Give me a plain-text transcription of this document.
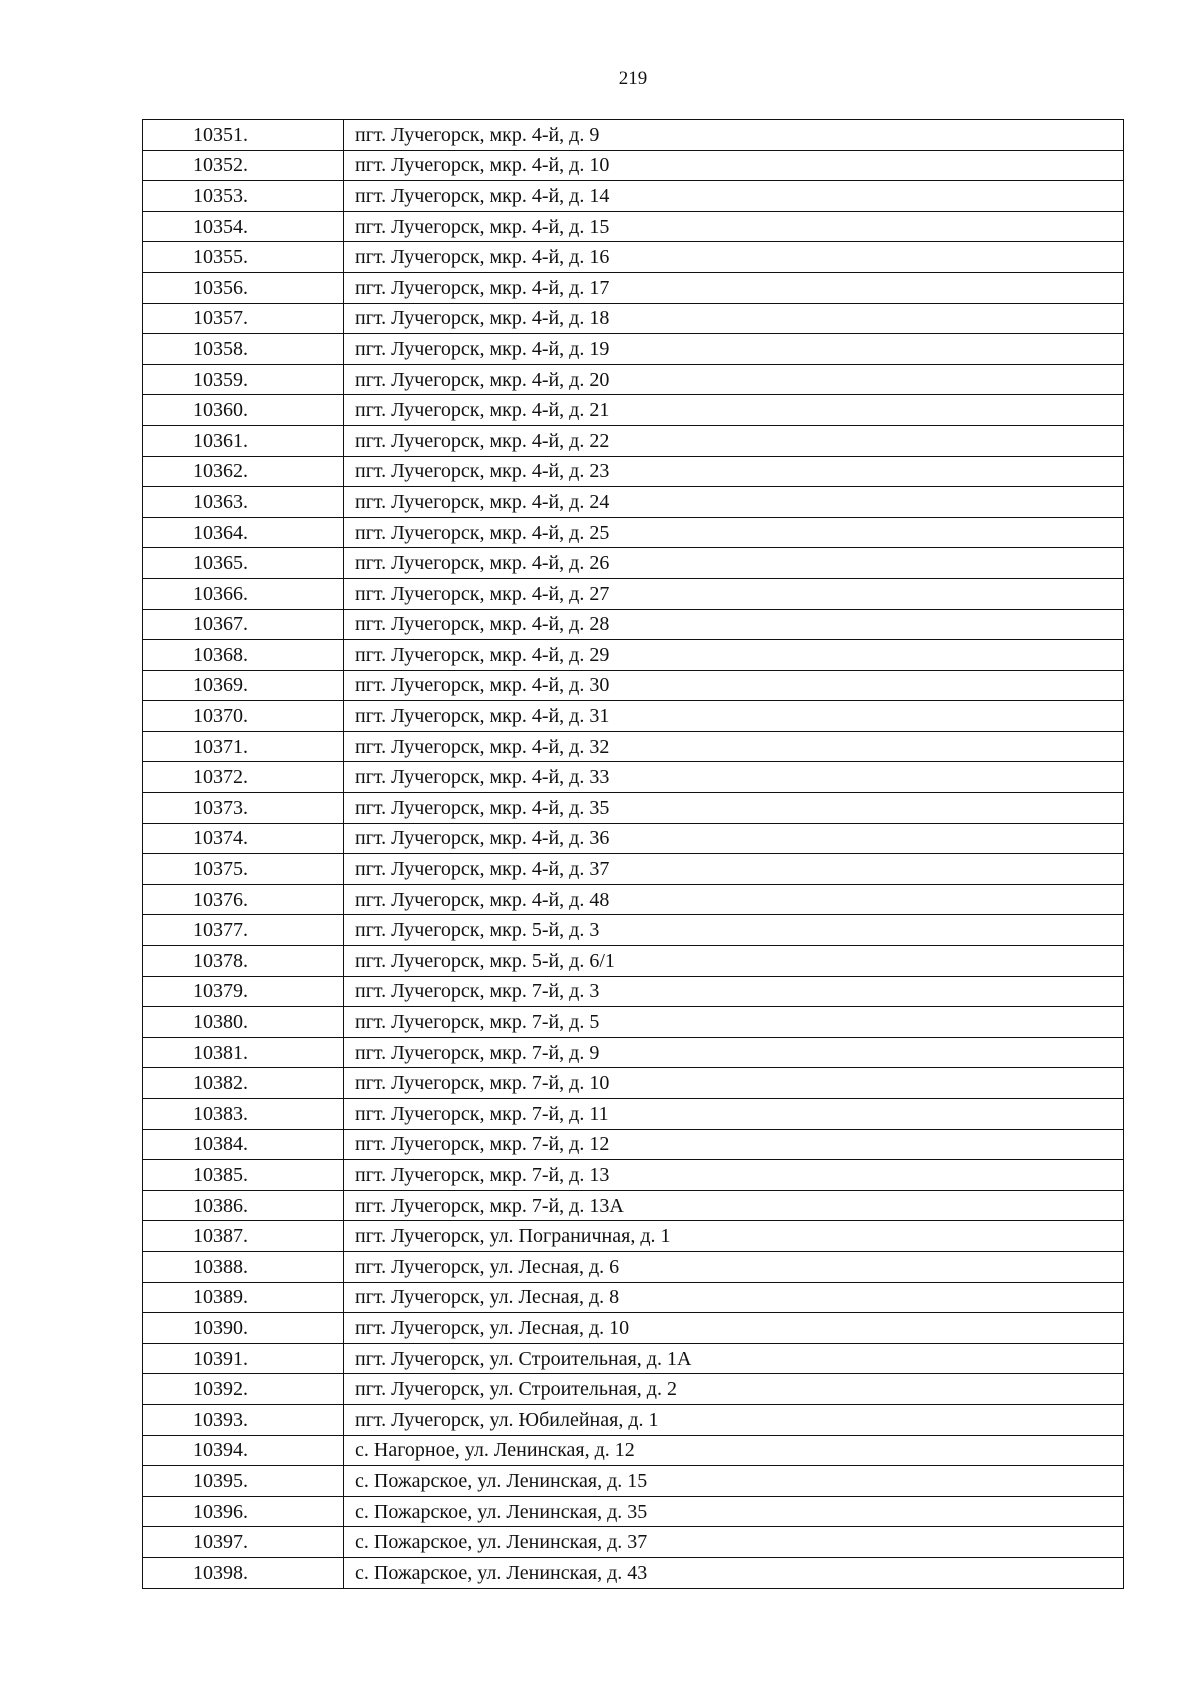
219
10351.	пгт. Лучегорск, мкр. 4-й, д. 9
10352.	пгт. Лучегорск, мкр. 4-й, д. 10
10353.	пгт. Лучегорск, мкр. 4-й, д. 14
10354.	пгт. Лучегорск, мкр. 4-й, д. 15
10355.	пгт. Лучегорск, мкр. 4-й, д. 16
10356.	пгт. Лучегорск, мкр. 4-й, д. 17
10357.	пгт. Лучегорск, мкр. 4-й, д. 18
10358.	пгт. Лучегорск, мкр. 4-й, д. 19
10359.	пгт. Лучегорск, мкр. 4-й, д. 20
10360.	пгт. Лучегорск, мкр. 4-й, д. 21
10361.	пгт. Лучегорск, мкр. 4-й, д. 22
10362.	пгт. Лучегорск, мкр. 4-й, д. 23
10363.	пгт. Лучегорск, мкр. 4-й, д. 24
10364.	пгт. Лучегорск, мкр. 4-й, д. 25
10365.	пгт. Лучегорск, мкр. 4-й, д. 26
10366.	пгт. Лучегорск, мкр. 4-й, д. 27
10367.	пгт. Лучегорск, мкр. 4-й, д. 28
10368.	пгт. Лучегорск, мкр. 4-й, д. 29
10369.	пгт. Лучегорск, мкр. 4-й, д. 30
10370.	пгт. Лучегорск, мкр. 4-й, д. 31
10371.	пгт. Лучегорск, мкр. 4-й, д. 32
10372.	пгт. Лучегорск, мкр. 4-й, д. 33
10373.	пгт. Лучегорск, мкр. 4-й, д. 35
10374.	пгт. Лучегорск, мкр. 4-й, д. 36
10375.	пгт. Лучегорск, мкр. 4-й, д. 37
10376.	пгт. Лучегорск, мкр. 4-й, д. 48
10377.	пгт. Лучегорск, мкр. 5-й, д. 3
10378.	пгт. Лучегорск, мкр. 5-й, д. 6/1
10379.	пгт. Лучегорск, мкр. 7-й, д. 3
10380.	пгт. Лучегорск, мкр. 7-й, д. 5
10381.	пгт. Лучегорск, мкр. 7-й, д. 9
10382.	пгт. Лучегорск, мкр. 7-й, д. 10
10383.	пгт. Лучегорск, мкр. 7-й, д. 11
10384.	пгт. Лучегорск, мкр. 7-й, д. 12
10385.	пгт. Лучегорск, мкр. 7-й, д. 13
10386.	пгт. Лучегорск, мкр. 7-й, д. 13А
10387.	пгт. Лучегорск, ул. Пограничная, д. 1
10388.	пгт. Лучегорск, ул. Лесная, д. 6
10389.	пгт. Лучегорск, ул. Лесная, д. 8
10390.	пгт. Лучегорск, ул. Лесная, д. 10
10391.	пгт. Лучегорск, ул. Строительная, д. 1А
10392.	пгт. Лучегорск, ул. Строительная, д. 2
10393.	пгт. Лучегорск, ул. Юбилейная, д. 1
10394.	с. Нагорное, ул. Ленинская, д. 12
10395.	с. Пожарское, ул. Ленинская, д. 15
10396.	с. Пожарское, ул. Ленинская, д. 35
10397.	с. Пожарское, ул. Ленинская, д. 37
10398.	с. Пожарское, ул. Ленинская, д. 43
